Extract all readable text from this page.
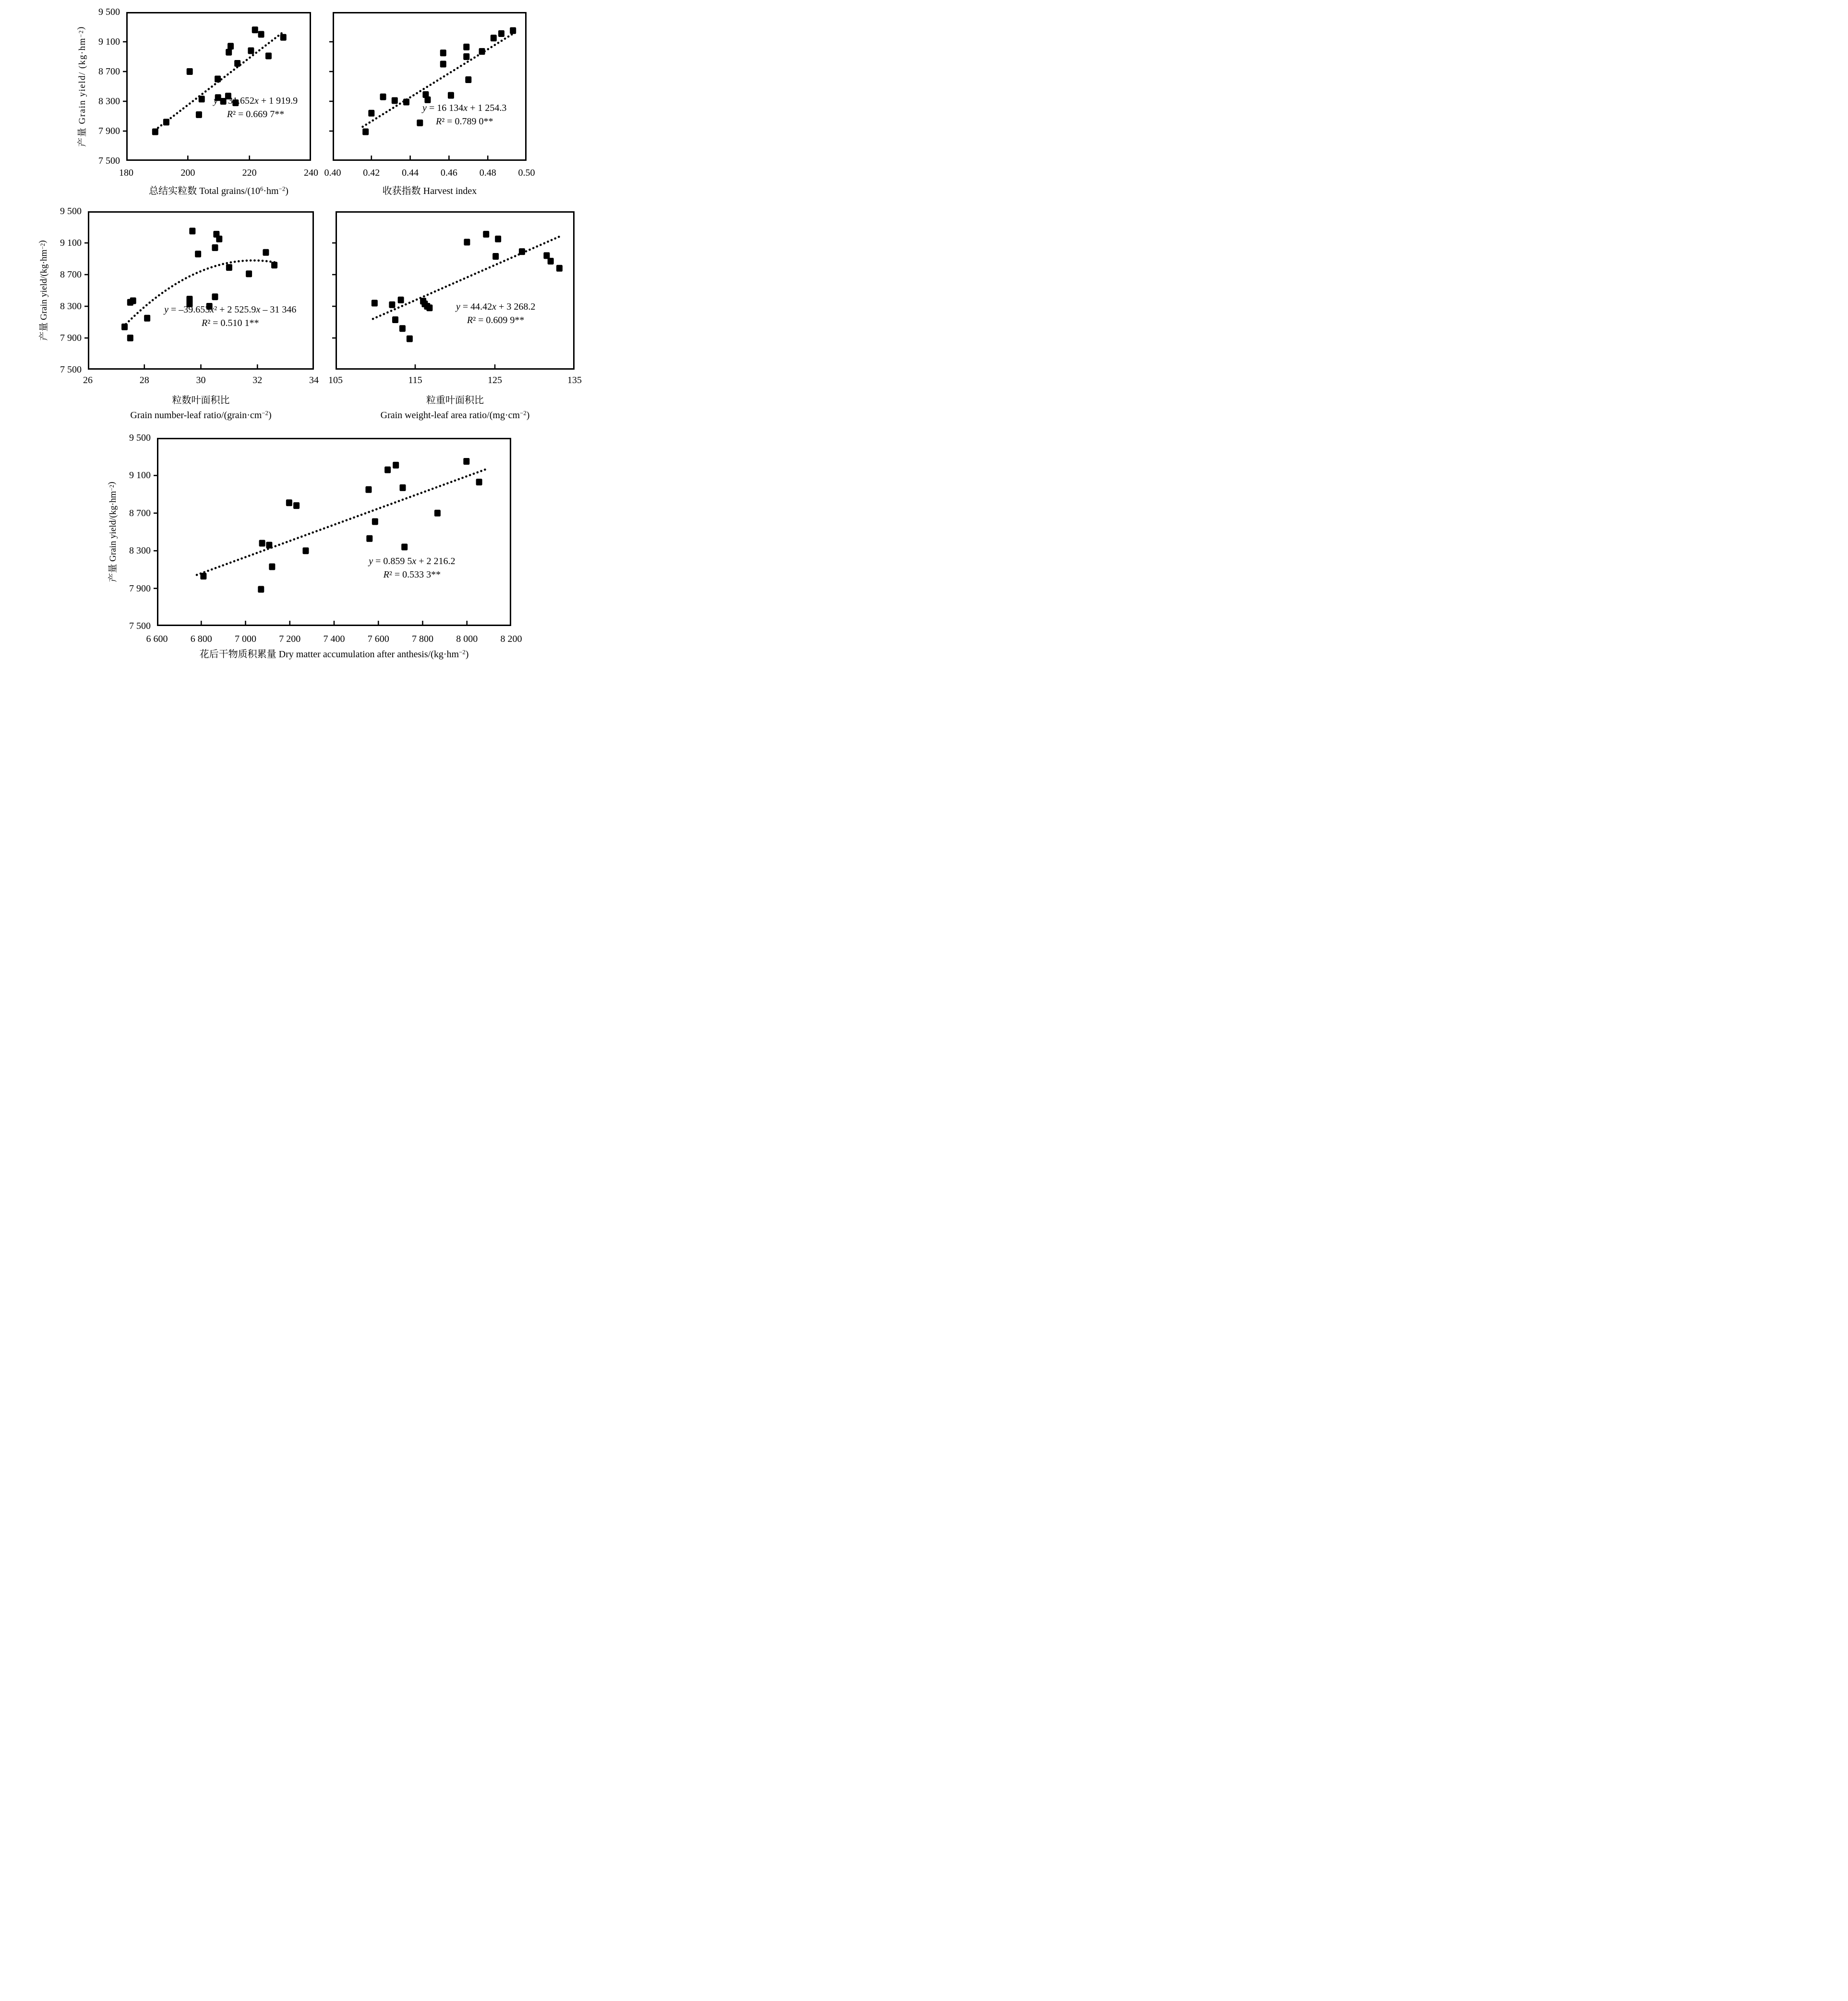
180	200	220	240
9 500
9 100
8 700
8 300
7 900
7 500
总结实粒数 Total grains/$(10^6\cdot hm^{-2})$
产量 Grain yield/ (kg·hm
−2
)
y = 31.652x + 1 919.9
R² = 0.669 7**
0.40	0.42	0.44	0.46	0.48	0.50
收获指数 Harvest index
y = 16 134x + 1 254.3
R² = 0.789 0**
26	28	30	32	34
9 500
9 100
8 700
8 300
7 900
7 500
粒数叶面积比
Grain number-leaf ratio/$(grain\cdot cm^{-2})$
产量 Grain yield/(kg·hm
−2
)
y = –39.653x² + 2 525.9x – 31 346
R² = 0.510 1**
105	115	125	135
粒重叶面积比
Grain weight-leaf area ratio/$(mg\cdot cm^{-2})$
y = 44.42x + 3 268.2
R² = 0.609 9**
6 600	6 800	7 000	7 200	7 400	7 600	7 800	8 000	8 200
9 500
9 100
8 700
8 300
7 900
7 500
花后干物质积累量 Dry matter accumulation after anthesis/$(kg\cdot hm^{-2})$
产量 Grain yield/(kg·hm
−2
)
y = 0.859 5x + 2 216.2
R² = 0.533 3**
